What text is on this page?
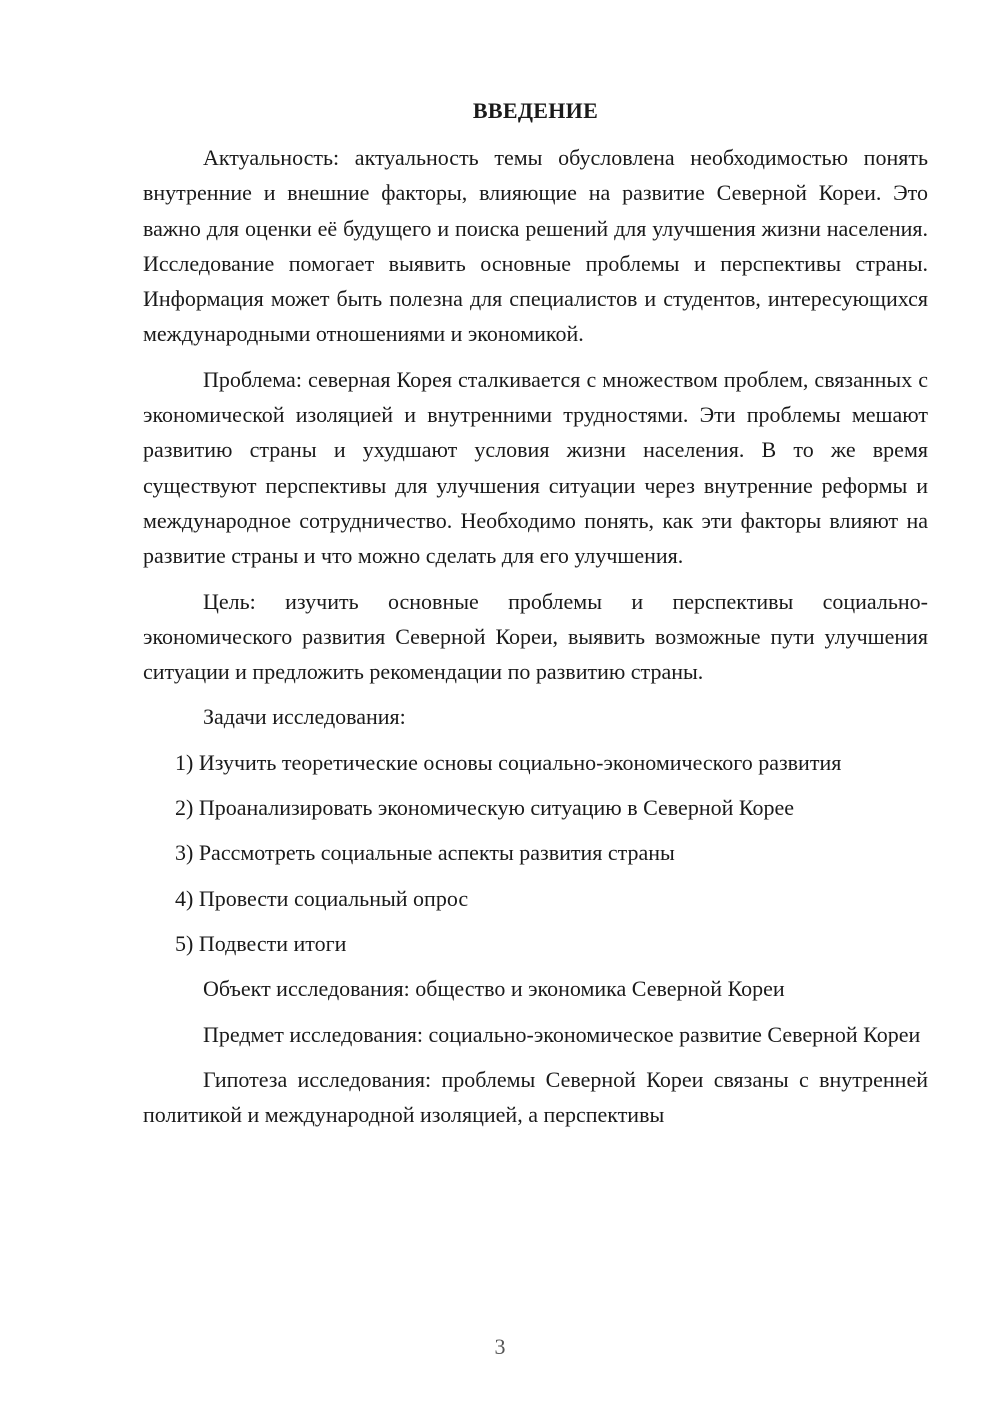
ВВЕДЕНИЕ

Актуальность: актуальность темы обусловлена необходимостью понять внутренние и внешние факторы, влияющие на развитие Северной Кореи. Это важно для оценки её будущего и поиска решений для улучшения жизни населения. Исследование помогает выявить основные проблемы и перспективы страны. Информация может быть полезна для специалистов и студентов, интересующихся международными отношениями и экономикой.

Проблема: северная Корея сталкивается с множеством проблем, связанных с экономической изоляцией и внутренними трудностями. Эти проблемы мешают развитию страны и ухудшают условия жизни населения. В то же время существуют перспективы для улучшения ситуации через внутренние реформы и международное сотрудничество. Необходимо понять, как эти факторы влияют на развитие страны и что можно сделать для его улучшения.

Цель: изучить основные проблемы и перспективы социально-экономического развития Северной Кореи, выявить возможные пути улучшения ситуации и предложить рекомендации по развитию страны.

Задачи исследования:

1) Изучить теоретические основы социально-экономического развития

2) Проанализировать экономическую ситуацию в Северной Корее

3) Рассмотреть социальные аспекты развития страны

4) Провести социальный опрос

5) Подвести итоги

Объект исследования: общество и экономика Северной Кореи

Предмет исследования: социально-экономическое развитие Северной Кореи

Гипотеза исследования: проблемы Северной Кореи связаны с внутренней политикой и международной изоляцией, а перспективы

3
